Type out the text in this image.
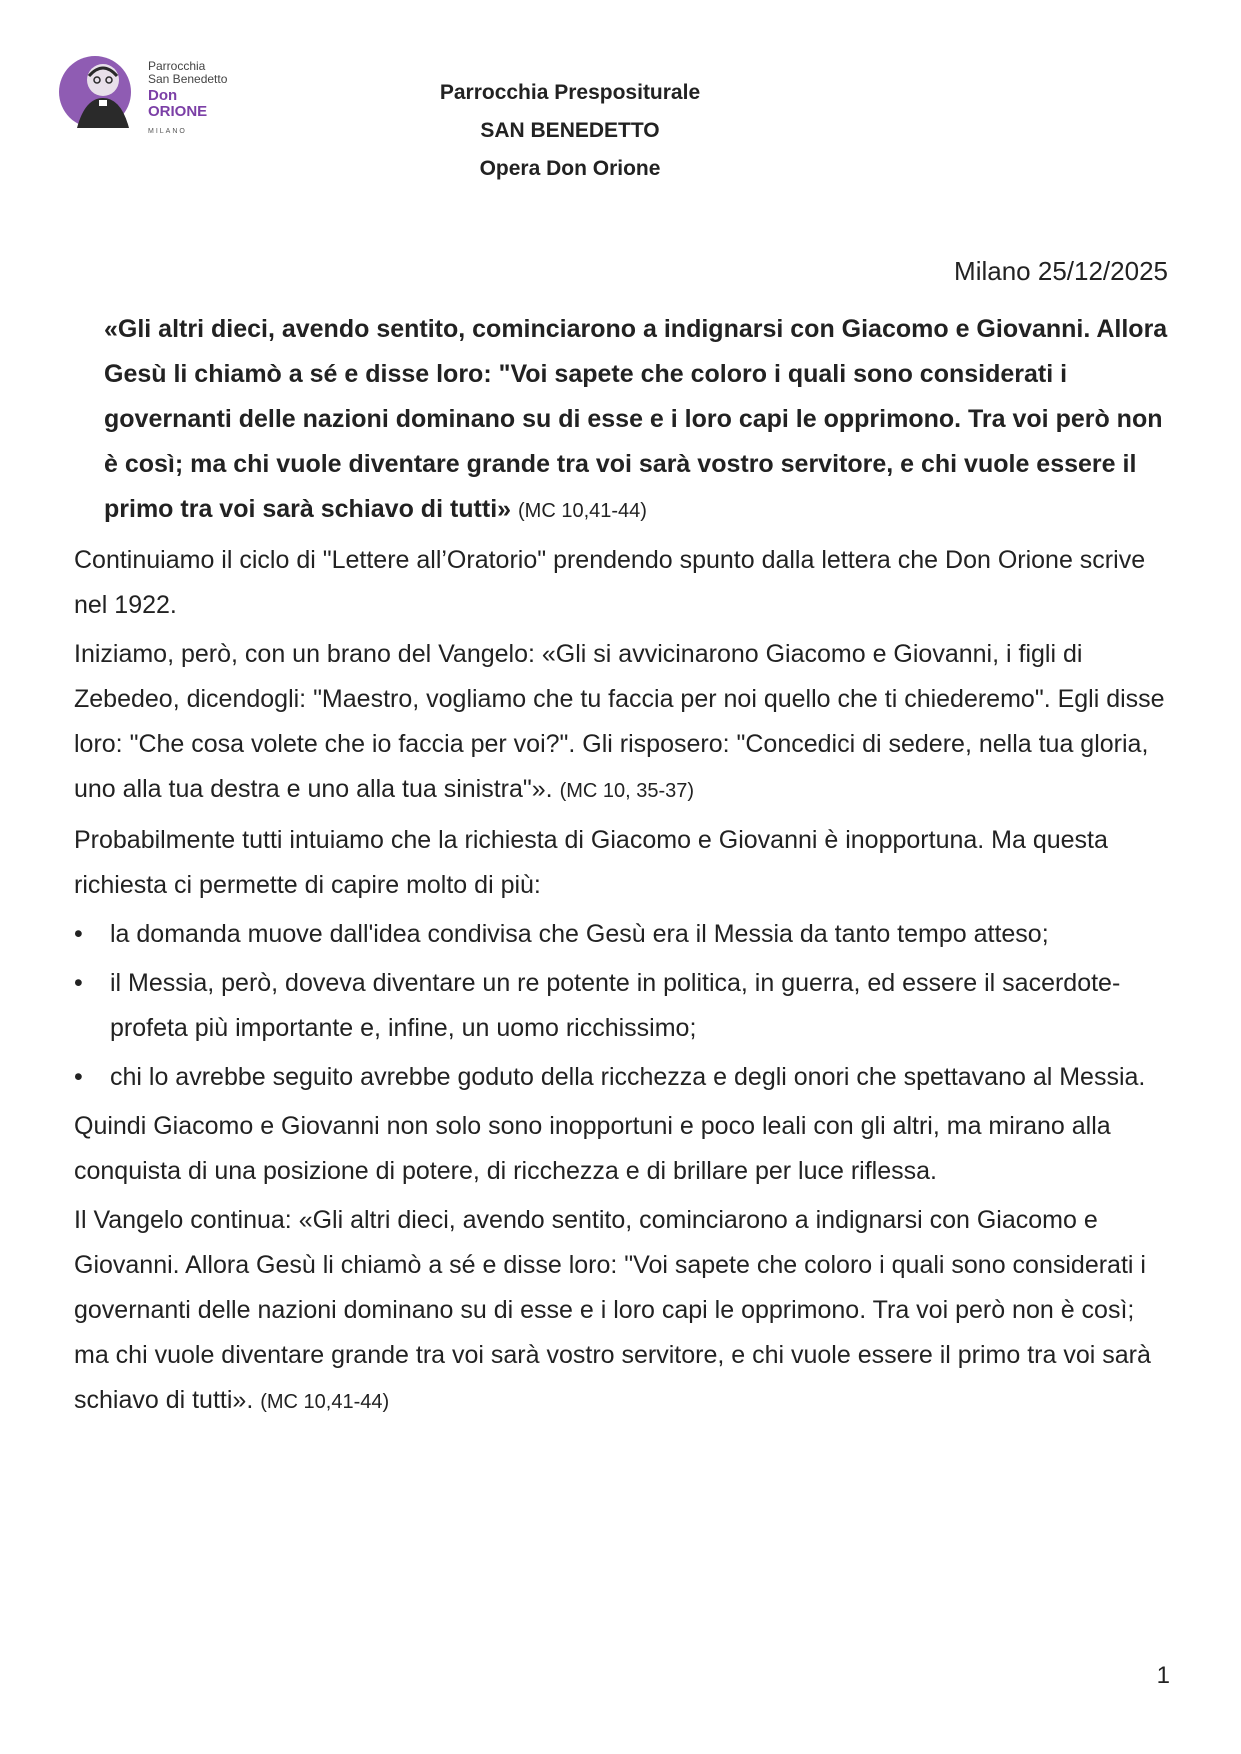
Parrocchia
San Benedetto
Don
ORIONE
MILANO
Parrocchia Prespositurale
SAN BENEDETTO
Opera Don Orione
Milano 25/12/2025
«Gli altri dieci, avendo sentito, cominciarono a indignarsi con Giacomo e Giovanni. Allora Gesù li chiamò a sé e disse loro: "Voi sapete che coloro i quali sono considerati i governanti delle nazioni dominano su di esse e i loro capi le opprimono. Tra voi però non è così; ma chi vuole diventare grande tra voi sarà vostro servitore, e chi vuole essere il primo tra voi sarà schiavo di tutti» (MC 10,41-44)

Continuiamo il ciclo di "Lettere all’Oratorio" prendendo spunto dalla lettera che Don Orione scrive nel 1922.

Iniziamo, però, con un brano del Vangelo: «Gli si avvicinarono Giacomo e Giovanni, i figli di Zebedeo, dicendogli: "Maestro, vogliamo che tu faccia per noi quello che ti chiederemo". Egli disse loro: "Che cosa volete che io faccia per voi?". Gli risposero: "Concedici di sedere, nella tua gloria, uno alla tua destra e uno alla tua sinistra"». (MC 10, 35-37)

Probabilmente tutti intuiamo che la richiesta di Giacomo e Giovanni è inopportuna. Ma questa richiesta ci permette di capire molto di più:

• la domanda muove dall'idea condivisa che Gesù era il Messia da tanto tempo atteso;
• il Messia, però, doveva diventare un re potente in politica, in guerra, ed essere il sacerdote-profeta più importante e, infine, un uomo ricchissimo;
• chi lo avrebbe seguito avrebbe goduto della ricchezza e degli onori che spettavano al Messia.

Quindi Giacomo e Giovanni non solo sono inopportuni e poco leali con gli altri, ma mirano alla conquista di una posizione di potere, di ricchezza e di brillare per luce riflessa.

Il Vangelo continua: «Gli altri dieci, avendo sentito, cominciarono a indignarsi con Giacomo e Giovanni. Allora Gesù li chiamò a sé e disse loro: "Voi sapete che coloro i quali sono considerati i governanti delle nazioni dominano su di esse e i loro capi le opprimono. Tra voi però non è così; ma chi vuole diventare grande tra voi sarà vostro servitore, e chi vuole essere il primo tra voi sarà schiavo di tutti». (MC 10,41-44)

1
